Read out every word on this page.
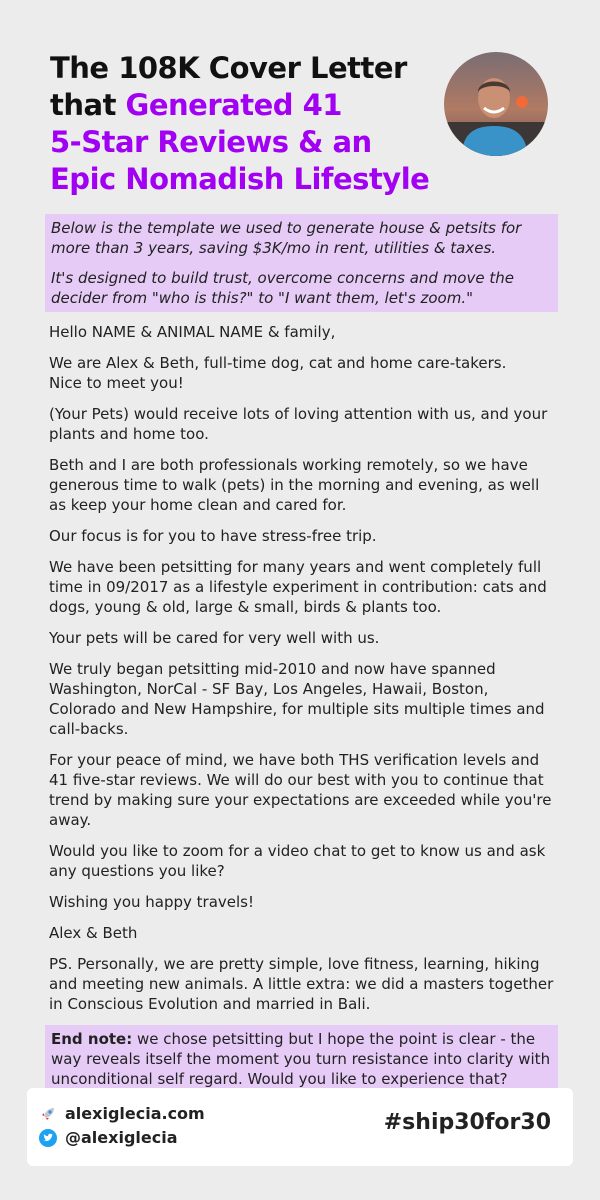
The 108K Cover Letter
that Generated 41
5-Star Reviews & an
Epic Nomadish Lifestyle

Below is the template we used to generate house & petsits for more than 3 years, saving $3K/mo in rent, utilities & taxes.

It's designed to build trust, overcome concerns and move the decider from "who is this?" to "I want them, let's zoom."

Hello NAME & ANIMAL NAME & family,

We are Alex & Beth, full-time dog, cat and home care-takers.
Nice to meet you!

(Your Pets) would receive lots of loving attention with us, and your plants and home too.

Beth and I are both professionals working remotely, so we have generous time to walk (pets) in the morning and evening, as well as keep your home clean and cared for.

Our focus is for you to have stress-free trip.

We have been petsitting for many years and went completely full time in 09/2017 as a lifestyle experiment in contribution: cats and dogs, young & old, large & small, birds & plants too.

Your pets will be cared for very well with us.

We truly began petsitting mid-2010 and now have spanned Washington, NorCal - SF Bay, Los Angeles, Hawaii, Boston, Colorado and New Hampshire, for multiple sits multiple times and call-backs.

For your peace of mind, we have both THS verification levels and 41 five-star reviews. We will do our best with you to continue that trend by making sure your expectations are exceeded while you're away.

Would you like to zoom for a video chat to get to know us and ask any questions you like?

Wishing you happy travels!

Alex & Beth

PS. Personally, we are pretty simple, love fitness, learning, hiking and meeting new animals. A little extra: we did a masters together in Conscious Evolution and married in Bali.

End note: we chose petsitting but I hope the point is clear - the way reveals itself the moment you turn resistance into clarity with unconditional self regard. Would you like to experience that?

alexiglecia.com
@alexiglecia
#ship30for30
